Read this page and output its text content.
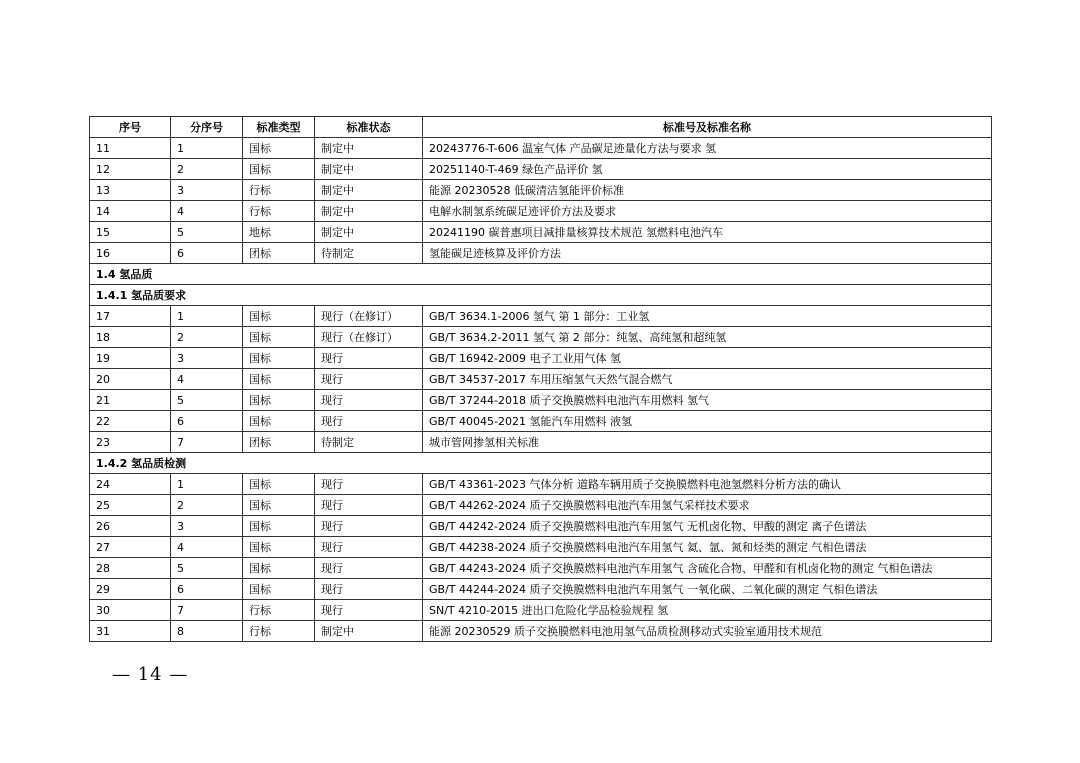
序号	分序号	标准类型	标准状态	标准号及标准名称
11	1	国标	制定中	20243776-T-606 温室气体 产品碳足迹量化方法与要求 氢
12	2	国标	制定中	20251140-T-469 绿色产品评价 氢
13	3	行标	制定中	能源 20230528 低碳清洁氢能评价标准
14	4	行标	制定中	电解水制氢系统碳足迹评价方法及要求
15	5	地标	制定中	20241190 碳普惠项目减排量核算技术规范 氢燃料电池汽车
16	6	团标	待制定	氢能碳足迹核算及评价方法
1.4 氢品质				
1.4.1 氢品质要求				
17	1	国标	现行（在修订）	GB/T 3634.1-2006 氢气 第 1 部分：工业氢
18	2	国标	现行（在修订）	GB/T 3634.2-2011 氢气 第 2 部分：纯氢、高纯氢和超纯氢
19	3	国标	现行	GB/T 16942-2009 电子工业用气体 氢
20	4	国标	现行	GB/T 34537-2017 车用压缩氢气天然气混合燃气
21	5	国标	现行	GB/T 37244-2018 质子交换膜燃料电池汽车用燃料 氢气
22	6	国标	现行	GB/T 40045-2021 氢能汽车用燃料 液氢
23	7	团标	待制定	城市管网掺氢相关标准
1.4.2 氢品质检测				
24	1	国标	现行	GB/T 43361-2023 气体分析 道路车辆用质子交换膜燃料电池氢燃料分析方法的确认
25	2	国标	现行	GB/T 44262-2024 质子交换膜燃料电池汽车用氢气采样技术要求
26	3	国标	现行	GB/T 44242-2024 质子交换膜燃料电池汽车用氢气 无机卤化物、甲酸的测定 离子色谱法
27	4	国标	现行	GB/T 44238-2024 质子交换膜燃料电池汽车用氢气 氦、氩、氮和烃类的测定 气相色谱法
28	5	国标	现行	GB/T 44243-2024 质子交换膜燃料电池汽车用氢气 含硫化合物、甲醛和有机卤化物的测定 气相色谱法
29	6	国标	现行	GB/T 44244-2024 质子交换膜燃料电池汽车用氢气 一氧化碳、二氧化碳的测定 气相色谱法
30	7	行标	现行	SN/T 4210-2015 进出口危险化学品检验规程 氢
31	8	行标	制定中	能源 20230529 质子交换膜燃料电池用氢气品质检测移动式实验室通用技术规范
— 14 —
